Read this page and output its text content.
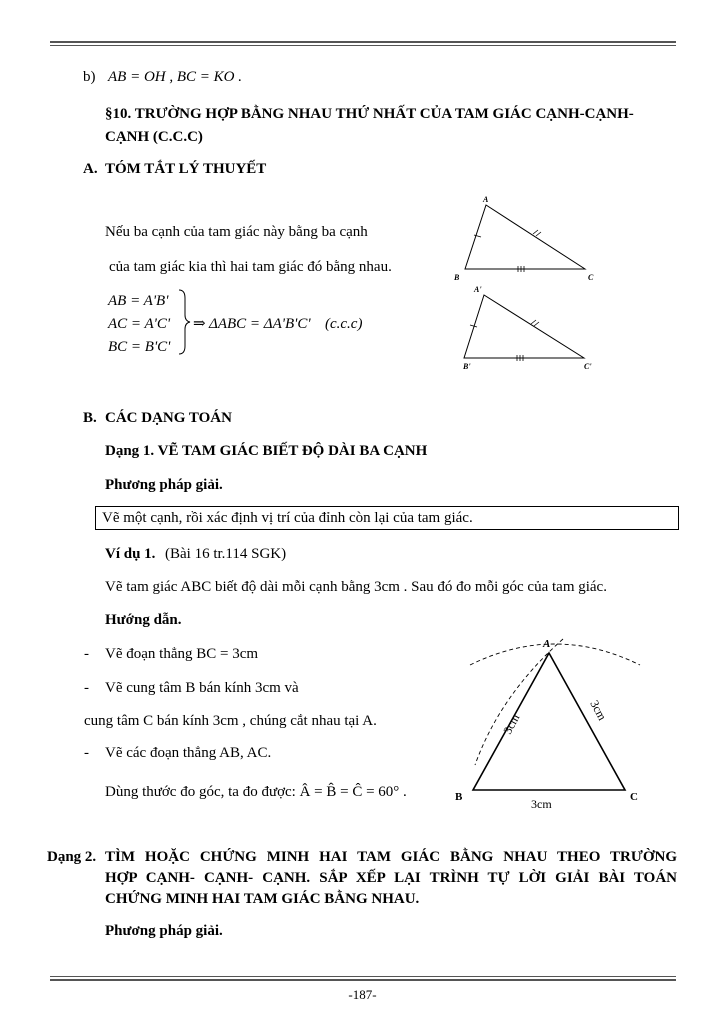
b) AB = OH , BC = KO .
§10. TRƯỜNG HỢP BẰNG NHAU THỨ NHẤT CỦA TAM GIÁC CẠNH-CẠNH-
CẠNH (C.C.C)
A. TÓM TẮT LÝ THUYẾT
Nếu ba cạnh của tam giác này bằng ba cạnh
của tam giác kia thì hai tam giác đó bằng nhau.
AB = A'B'
AC = A'C'
BC = B'C'
⇒ ΔABC = ΔA'B'C' (c.c.c)
A
B	C
A'
B'	C'
B. CÁC DẠNG TOÁN
Dạng 1. VẼ TAM GIÁC BIẾT ĐỘ DÀI BA CẠNH
Phương pháp giải.
Vẽ một cạnh, rồi xác định vị trí của đỉnh còn lại của tam giác.
Ví dụ 1. (Bài 16 tr.114 SGK)
Vẽ tam giác ABC biết độ dài mỗi cạnh bằng 3cm . Sau đó đo mỗi góc của tam giác.
Hướng dẫn.
- Vẽ đoạn thẳng BC = 3cm
- Vẽ cung tâm B bán kính 3cm và
cung tâm C bán kính 3cm , chúng cắt nhau tại A.
- Vẽ các đoạn thẳng AB, AC.
Dùng thước đo góc, ta đo được: Â = B̂ = Ĉ = 60° .
A
B	C
3cm
3cm
3cm
Dạng 2. TÌM HOẶC CHỨNG MINH HAI TAM GIÁC BẰNG NHAU THEO TRƯỜNG
HỢP CẠNH- CẠNH- CẠNH. SẮP XẾP LẠI TRÌNH TỰ LỜI GIẢI BÀI TOÁN
CHỨNG MINH HAI TAM GIÁC BẰNG NHAU.
Phương pháp giải.
-187-
